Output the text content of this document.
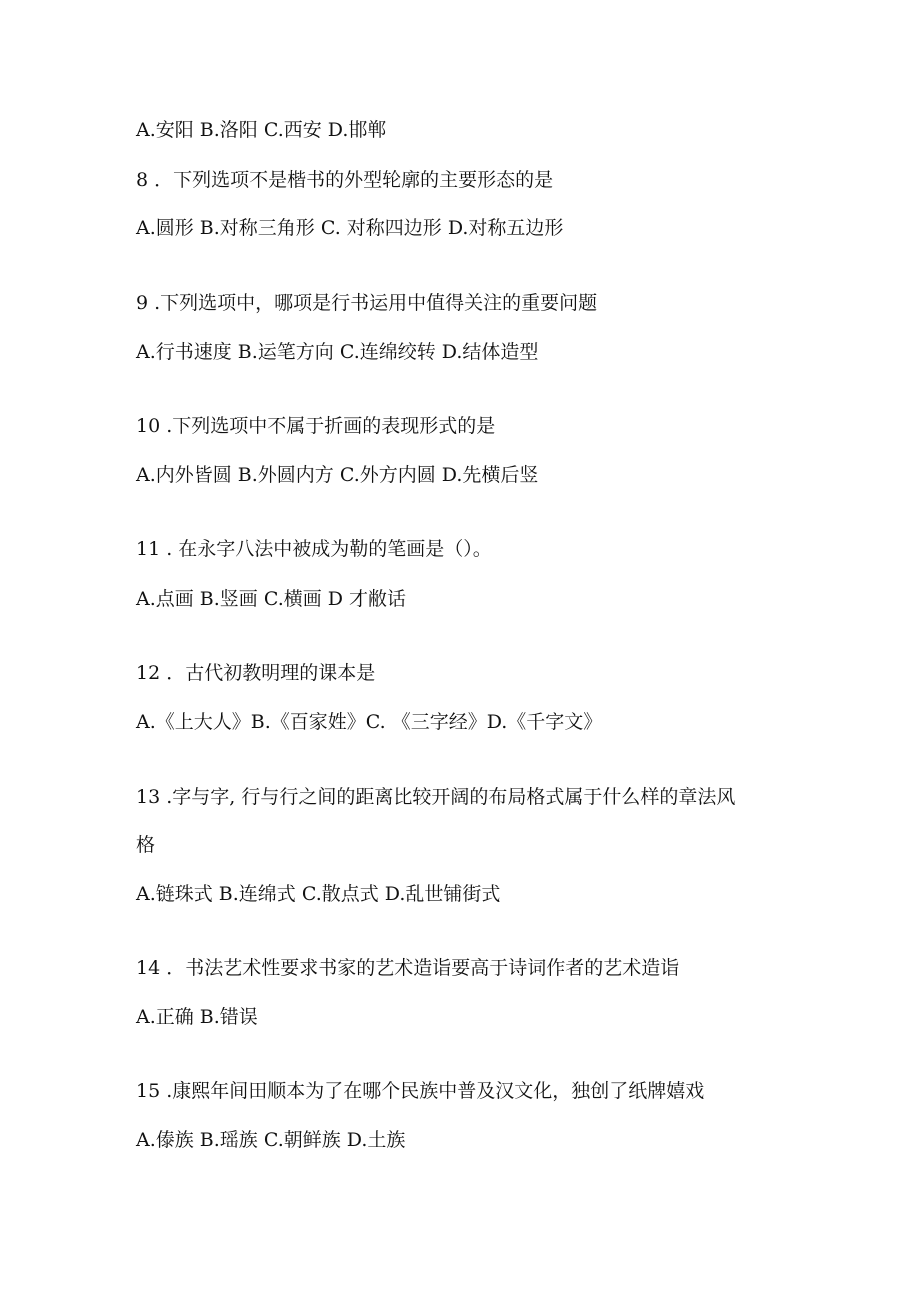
A.安阳 B.洛阳 C.西安 D.邯郸
8 ．下列选项不是楷书的外型轮廓的主要形态的是
A.圆形 B.对称三角形 C. 对称四边形 D.对称五边形
9 .下列选项中，哪项是行书运用中值得关注的重要问题
A.行书速度 B.运笔方向 C.连绵绞转 D.结体造型
10 .下列选项中不属于折画的表现形式的是
A.内外皆圆 B.外圆内方 C.外方内圆 D.先横后竖
11 . 在永字八法中被成为勒的笔画是（）。
A.点画 B.竖画 C.横画 D 才敝话
12 ．古代初教明理的课本是
A.《上大人》B.《百家姓》C. 《三字经》D.《千字文》
13 .字与字, 行与行之间的距离比较开阔的布局格式属于什么样的章法风
格
A.链珠式 B.连绵式 C.散点式 D.乱世铺街式
14 ．书法艺术性要求书家的艺术造诣要高于诗词作者的艺术造诣
A.正确 B.错误
15 .康熙年间田顺本为了在哪个民族中普及汉文化，独创了纸牌嬉戏
A.傣族 B.瑶族 C.朝鲜族 D.土族
